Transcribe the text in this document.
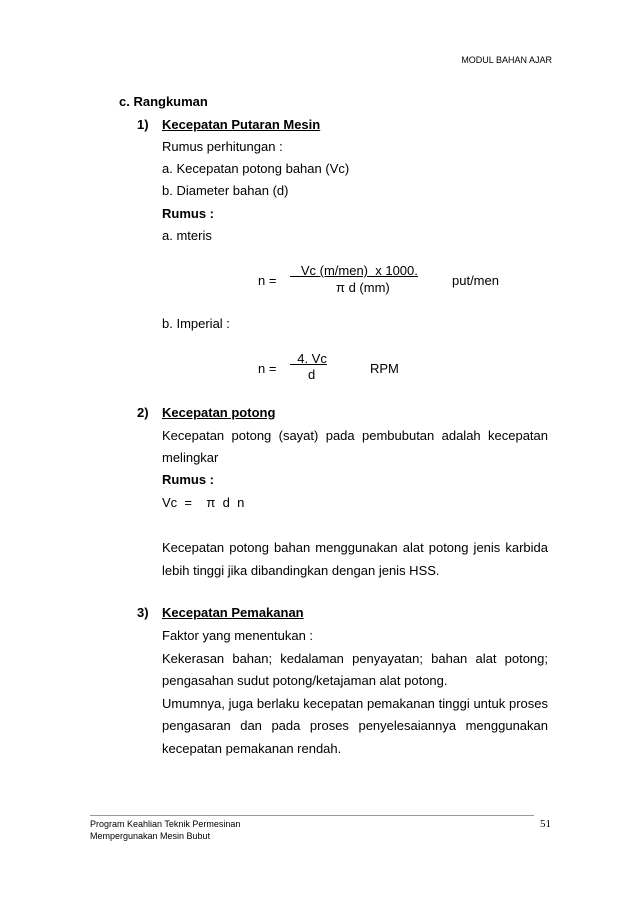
MODUL BAHAN AJAR
c. Rangkuman
1) Kecepatan Putaran Mesin
Rumus perhitungan :
a. Kecepatan potong bahan (Vc)
b. Diameter bahan (d)
Rumus :
a. mteris
n =
Vc (m/men)  x 1000.
π d (mm)	put/men
b. Imperial :
n =
4. Vc
d	RPM
2) Kecepatan potong
Kecepatan potong (sayat) pada pembubutan adalah kecepatan
melingkar
Rumus :
Vc  =    π  d  n
Kecepatan potong bahan menggunakan alat potong jenis karbida
lebih tinggi jika dibandingkan dengan jenis HSS.
3) Kecepatan Pemakanan
Faktor yang menentukan :
Kekerasan bahan; kedalaman penyayatan; bahan alat potong;
pengasahan sudut potong/ketajaman alat potong.
Umumnya, juga berlaku kecepatan pemakanan tinggi untuk proses
pengasaran dan pada proses penyelesaiannya menggunakan
kecepatan pemakanan rendah.
Program Keahlian Teknik Permesinan
Mempergunakan Mesin Bubut
51
